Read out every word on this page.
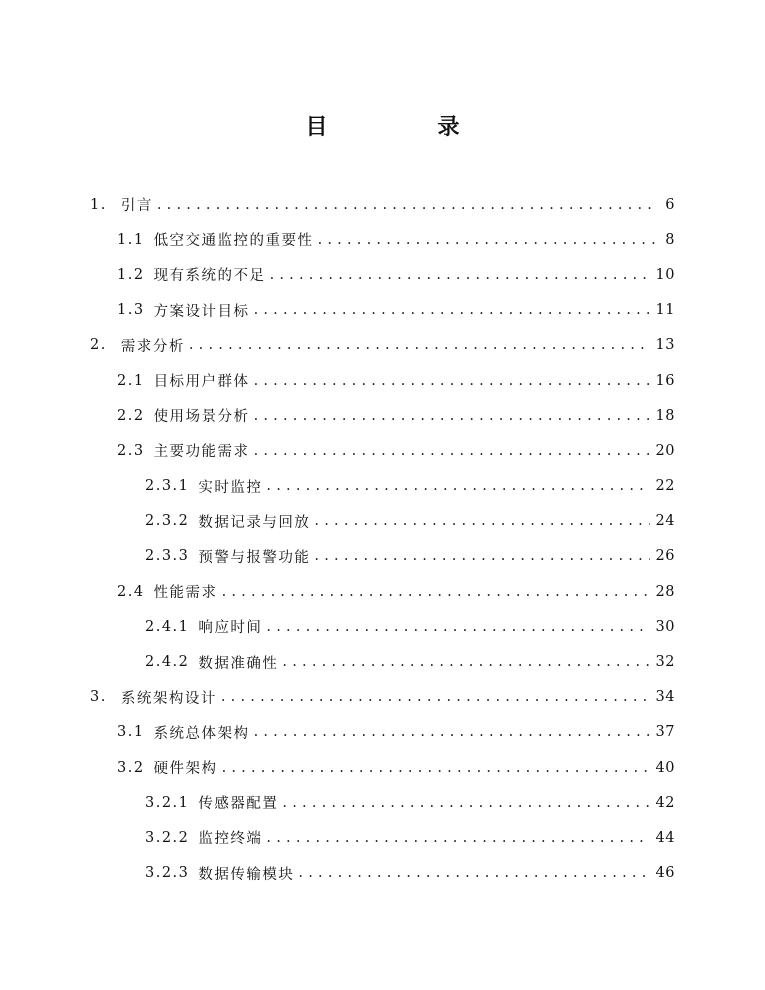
目　录
1. 引言 .....	6
1.1 低空交通监控的重要性 .....	8
1.2 现有系统的不足 .....	10
1.3 方案设计目标 .....	11
2. 需求分析 .....	13
2.1 目标用户群体 .....	16
2.2 使用场景分析 .....	18
2.3 主要功能需求 .....	20
2.3.1 实时监控 .....	22
2.3.2 数据记录与回放 .....	24
2.3.3 预警与报警功能 .....	26
2.4 性能需求 .....	28
2.4.1 响应时间 .....	30
2.4.2 数据准确性 .....	32
3. 系统架构设计 .....	34
3.1 系统总体架构 .....	37
3.2 硬件架构 .....	40
3.2.1 传感器配置 .....	42
3.2.2 监控终端 .....	44
3.2.3 数据传输模块 .....	46
